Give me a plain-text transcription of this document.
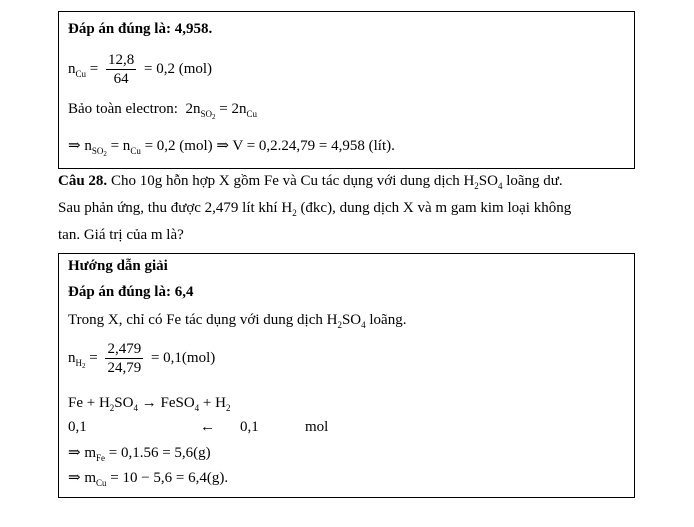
Đáp án đúng là: 4,958.
$n_{Cu} = \frac{12,8}{64} = 0,2$ (mol)
Bảo toàn electron: $2n_{SO_2} = 2n_{Cu}$
⇒ $n_{SO_2} = n_{Cu} = 0,2$ (mol) ⇒ V = 0,2.24,79 = 4,958 (lít).
Câu 28. Cho 10g hỗn hợp X gồm Fe và Cu tác dụng với dung dịch $H_2SO_4$ loãng dư.
Sau phản ứng, thu được 2,479 lít khí $H_2$ (đkc), dung dịch X và m gam kim loại không
tan. Giá trị của m là?
Hướng dẫn giải
Đáp án đúng là: 6,4
Trong X, chỉ có Fe tác dụng với dung dịch $H_2SO_4$ loãng.
$n_{H_2} = \frac{2,479}{24,79} = 0,1(mol)$
$Fe + H_2SO_4$ → FeSO$_4$ + $H_2$
0,1	← 0,1	mol
⇒ $m_{Fe} = 0,1.56 = 5,6(g)$
⇒ $m_{Cu} = 10 - 5,6 = 6,4(g)$.
